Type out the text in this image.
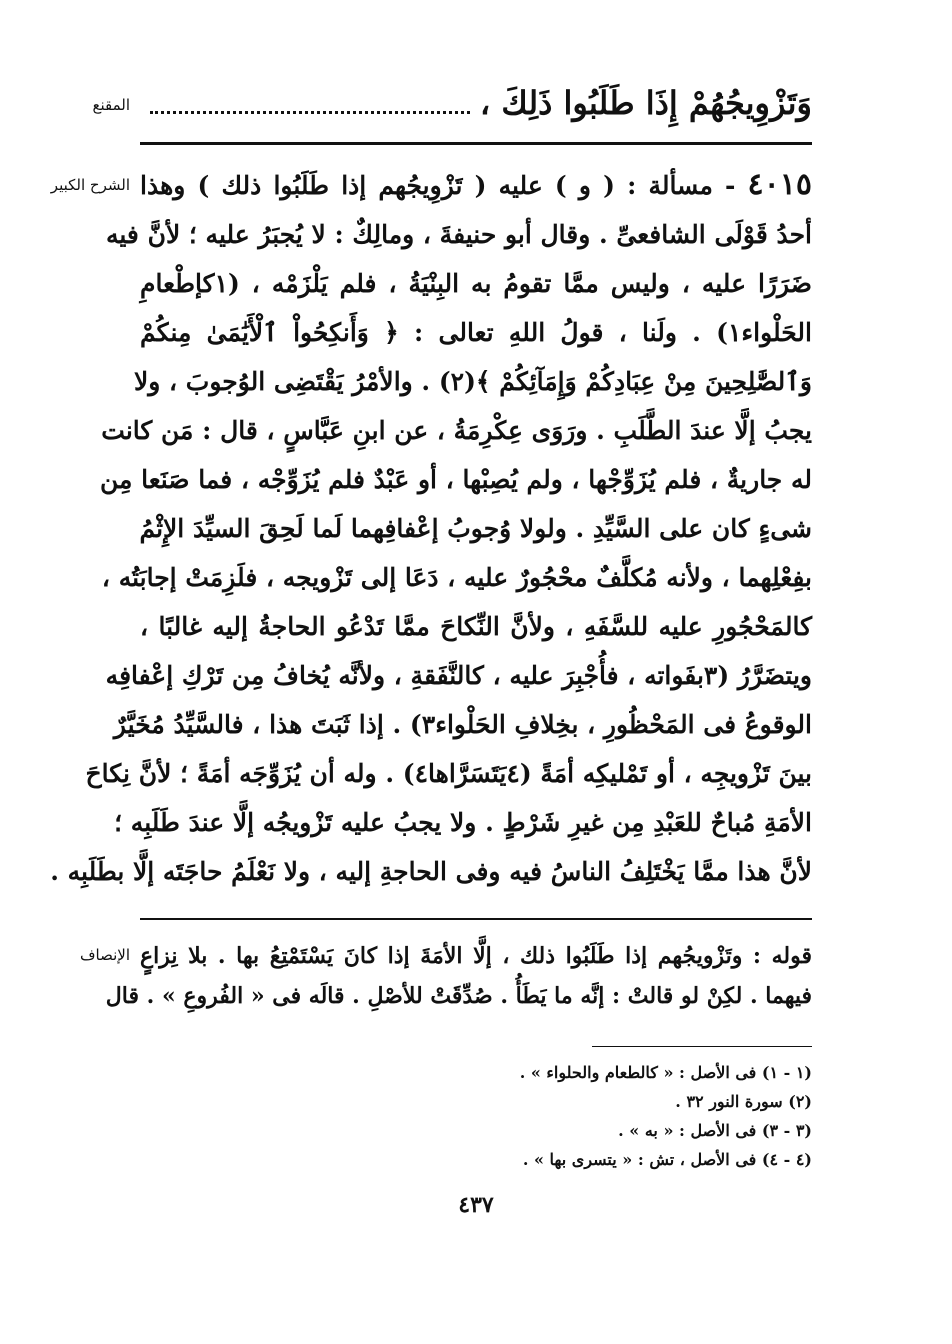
المقنع	وَتَزْوِيجُهُمْ إِذَا طَلَبُوا ذَلِكَ ،
الشرح الكبير	٤٠١٥ - مسألة : ( و ) عليه ( تَزْوِيجُهم إذا طَلَبُوا ذلك ) وهذا
أحدُ قَوْلَى الشافعىِّ . وقال أبو حنيفةَ ، ومالِكٌ : لا يُجبَرُ عليه ؛ لأنَّ فيه
ضَرَرًا عليه ، وليس ممَّا تقومُ به البِنْيَةُ ، فلم يَلْزَمْه ، (١كإطْعامِ
الحَلْواء١) . ولَنا ، قولُ اللهِ تعالى : ﴿ وَأَنكِحُواْ ٱلْأَيَٰمَىٰ مِنكُمْ
وَٱلصَّٰلِحِينَ مِنْ عِبَادِكُمْ وَإِمَآئِكُمْ ﴾(٢) . والأمْرُ يَقْتَضِى الوُجوبَ ، ولا
يجبُ إلَّا عندَ الطَّلَبِ . ورَوَى عِكْرِمَةُ ، عن ابنِ عَبَّاسٍ ، قال : مَن كانت
له جاريةٌ ، فلم يُزَوِّجْها ، ولم يُصِبْها ، أو عَبْدٌ فلم يُزَوِّجْه ، فما صَنَعا مِن
شىءٍ كان على السَّيِّدِ . ولولا وُجوبُ إعْفافِهما لَما لَحِقَ السيِّدَ الإِثْمُ
بفِعْلِهما ، ولأنه مُكلَّفٌ محْجُورٌ عليه ، دَعَا إلى تَزْويجه ، فلَزِمَتْ إجابَتُه ،
كالمَحْجُورِ عليه للسَّفَهِ ، ولأنَّ النِّكاحَ ممَّا تَدْعُو الحاجةُ إليه غالبًا ،
ويتضَرَّرُ (٣بفَواته ، فأُجْبِرَ عليه ، كالنَّفَقةِ ، ولأنَّه يُخافُ مِن تَرْكِ إعْفافِه
الوقوعُ فى المَحْظُورِ ، بخِلافِ الحَلْواء٣) . إذا ثَبَتَ هذا ، فالسَّيِّدُ مُخَيَّرٌ
بينَ تَزْويجِه ، أو تَمْليكِه أمَةً (٤يَتَسَرَّاها٤) . وله أن يُزَوِّجَه أمَةً ؛ لأنَّ نِكاحَ
الأمَةِ مُباحٌ للعَبْدِ مِن غيرِ شَرْطٍ . ولا يجبُ عليه تَزْويجُه إلَّا عندَ طَلَبِه ؛
لأنَّ هذا ممَّا يَخْتَلِفُ الناسُ فيه وفى الحاجةِ إليه ، ولا نَعْلَمُ حاجَتَه إلَّا بطَلَبِه .
الإنصاف قوله : وتَزْويجُهم إذا طَلَبُوا ذلك ، إلَّا الأمَةَ إذا كانَ يَسْتَمْتِعُ بها . بلا نِزاعٍ
فيهما . لكِنْ لو قالتْ : إنَّه ما يَطَأُ . صُدِّقَتْ للأصْلِ . قالَه فى « الفُروعِ » . قال
(١ - ١) فى الأصل : « كالطعام والحلواء » .
(٢) سورة النور ٣٢ .
(٣ - ٣) فى الأصل : « به » .
(٤ - ٤) فى الأصل ، تش : « يتسرى بها » .
٤٣٧
